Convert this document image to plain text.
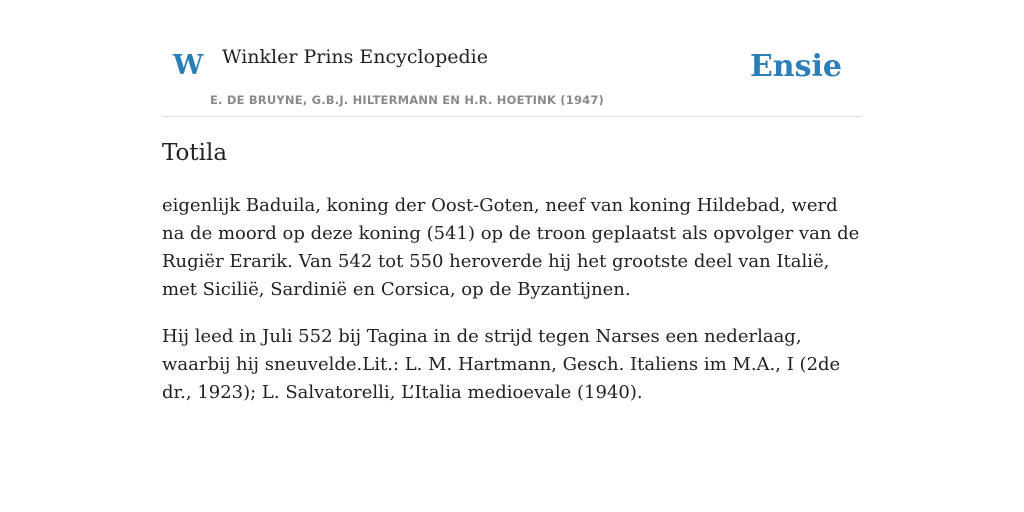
W Winkler Prins Encyclopedie
E. DE BRUYNE, G.B.J. HILTERMANN EN H.R. HOETINK (1947)
Ensie
Totila

eigenlijk Baduila, koning der Oost-Goten, neef van koning Hildebad, werd na de moord op deze koning (541) op de troon geplaatst als opvolger van de Rugiër Erarik. Van 542 tot 550 heroverde hij het grootste deel van Italië, met Sicilië, Sardinië en Corsica, op de Byzantijnen.

Hij leed in Juli 552 bij Tagina in de strijd tegen Narses een nederlaag, waarbij hij sneuvelde.Lit.: L. M. Hartmann, Gesch. Italiens im M.A., I (2de dr., 1923); L. Salvatorelli, L’Italia medioevale (1940).
